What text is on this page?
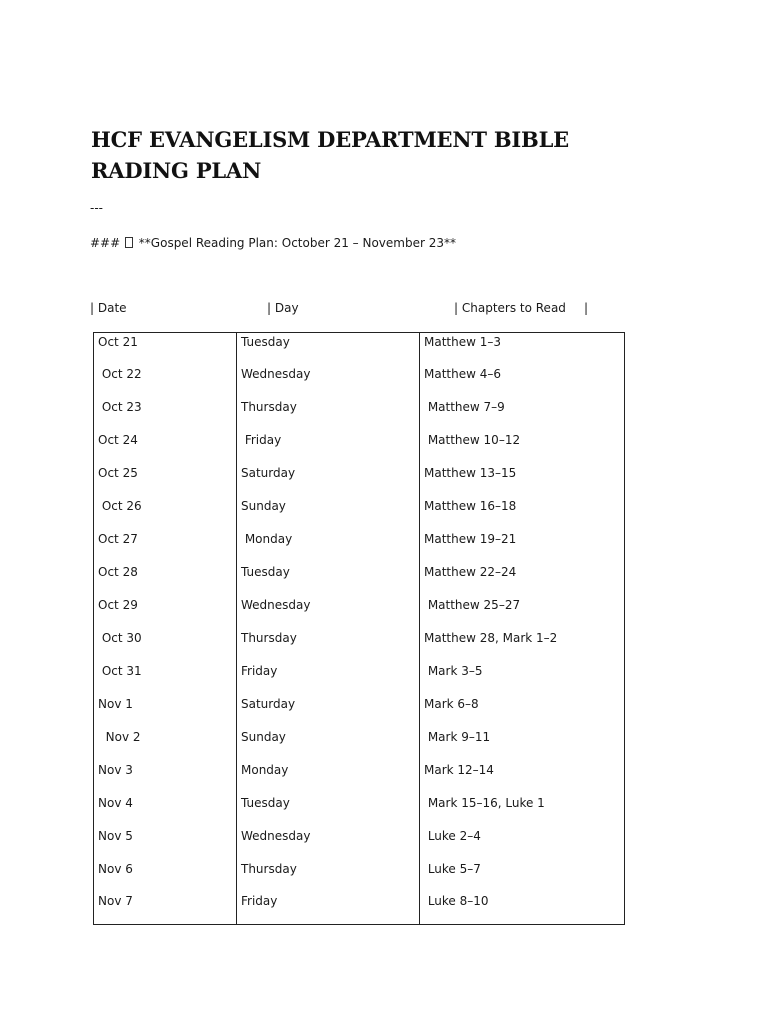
HCF EVANGELISM DEPARTMENT BIBLE RADING PLAN
---
###  **Gospel Reading Plan: October 21 – November 23**
| Date	| Day	| Chapters to Read |
Oct 21	Tuesday	Matthew 1–3

Oct 22	Wednesday	Matthew 4–6

Oct 23	Thursday	Matthew 7–9

Oct 24	Friday	Matthew 10–12

Oct 25	Saturday	Matthew 13–15

Oct 26	Sunday	Matthew 16–18

Oct 27	Monday	Matthew 19–21

Oct 28	Tuesday	Matthew 22–24

Oct 29	Wednesday	Matthew 25–27

Oct 30	Thursday	Matthew 28, Mark 1–2

Oct 31	Friday	Mark 3–5

Nov 1	Saturday	Mark 6–8

Nov 2	Sunday	Mark 9–11

Nov 3	Monday	Mark 12–14

Nov 4	Tuesday	Mark 15–16, Luke 1

Nov 5	Wednesday	Luke 2–4

Nov 6	Thursday	Luke 5–7

Nov 7	Friday	Luke 8–10
